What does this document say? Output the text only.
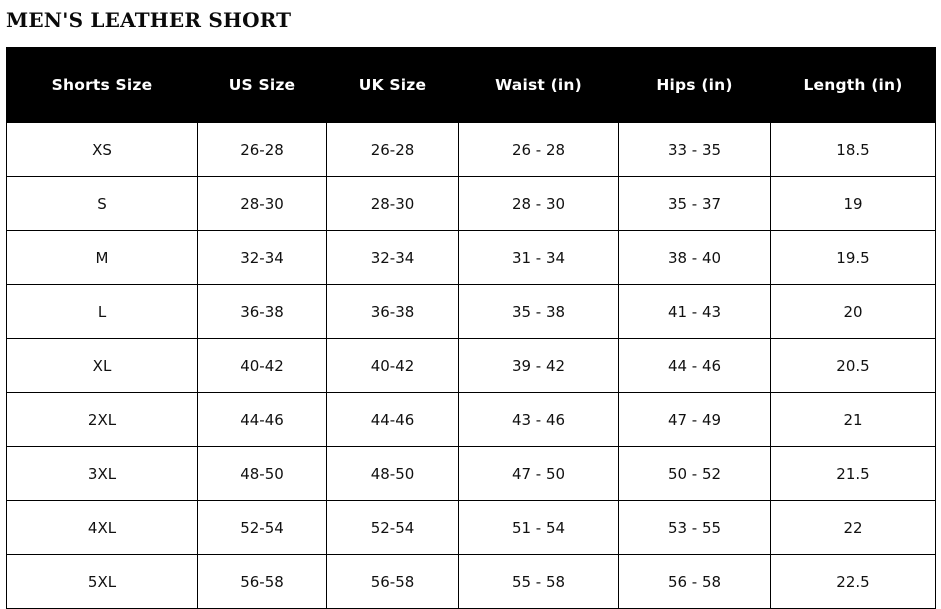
MEN'S LEATHER SHORT
Shorts Size	US Size	UK Size	Waist (in)	Hips (in)	Length (in)
XS	26-28	26-28	26 - 28	33 - 35	18.5
S	28-30	28-30	28 - 30	35 - 37	19
M	32-34	32-34	31 - 34	38 - 40	19.5
L	36-38	36-38	35 - 38	41 - 43	20
XL	40-42	40-42	39 - 42	44 - 46	20.5
2XL	44-46	44-46	43 - 46	47 - 49	21
3XL	48-50	48-50	47 - 50	50 - 52	21.5
4XL	52-54	52-54	51 - 54	53 - 55	22
5XL	56-58	56-58	55 - 58	56 - 58	22.5
